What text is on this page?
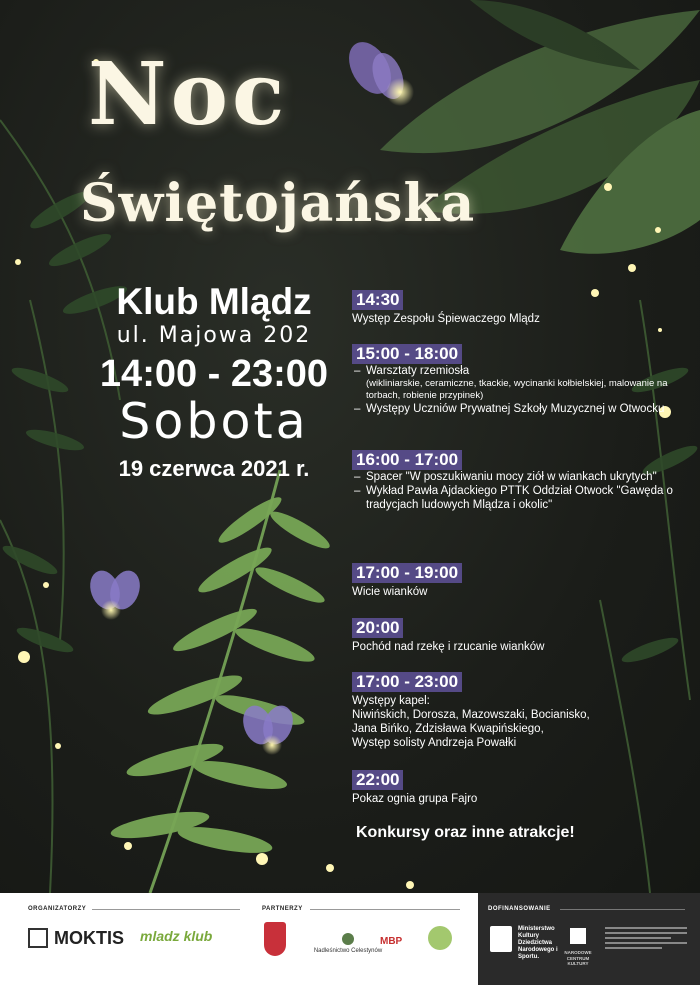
Noc
Świętojańska
Klub Mlądz
ul. Majowa 202
14:00 - 23:00
Sobota
19 czerwca 2021 r.
14:30
Występ Zespołu Śpiewaczego Mlądz
15:00 - 18:00
– Warsztaty rzemiosła
(wikliniarskie, ceramiczne, tkackie, wycinanki kołbielskiej, malowanie na torbach, robienie przypinek)
– Występy Uczniów Prywatnej Szkoły Muzycznej w Otwocku
16:00 - 17:00
– Spacer "W poszukiwaniu mocy ziół w wiankach ukrytych"
– Wykład Pawła Ajdackiego PTTK Oddział Otwock "Gawęda o tradycjach ludowych Mlądza i okolic"
17:00 - 19:00
Wicie wianków
20:00
Pochód nad rzekę i rzucanie wianków
17:00 - 23:00
Występy kapel:
Niwińskich, Dorosza, Mazowszaki, Bocianisko,
Jana Bińko, Zdzisława Kwapińskiego,
Występ solisty Andrzeja Powałki
22:00
Pokaz ognia grupa Fajro
Konkursy oraz inne atrakcje!
ORGANIZATORZY	PARTNERZY	DOFINANSOWANIE
MOKTIS mladz klub
Nadleśnictwo Celestynów
MBP
Ministerstwo Kultury Dziedzictwa Narodowego i Sportu.
NARODOWE CENTRUM KULTURY
